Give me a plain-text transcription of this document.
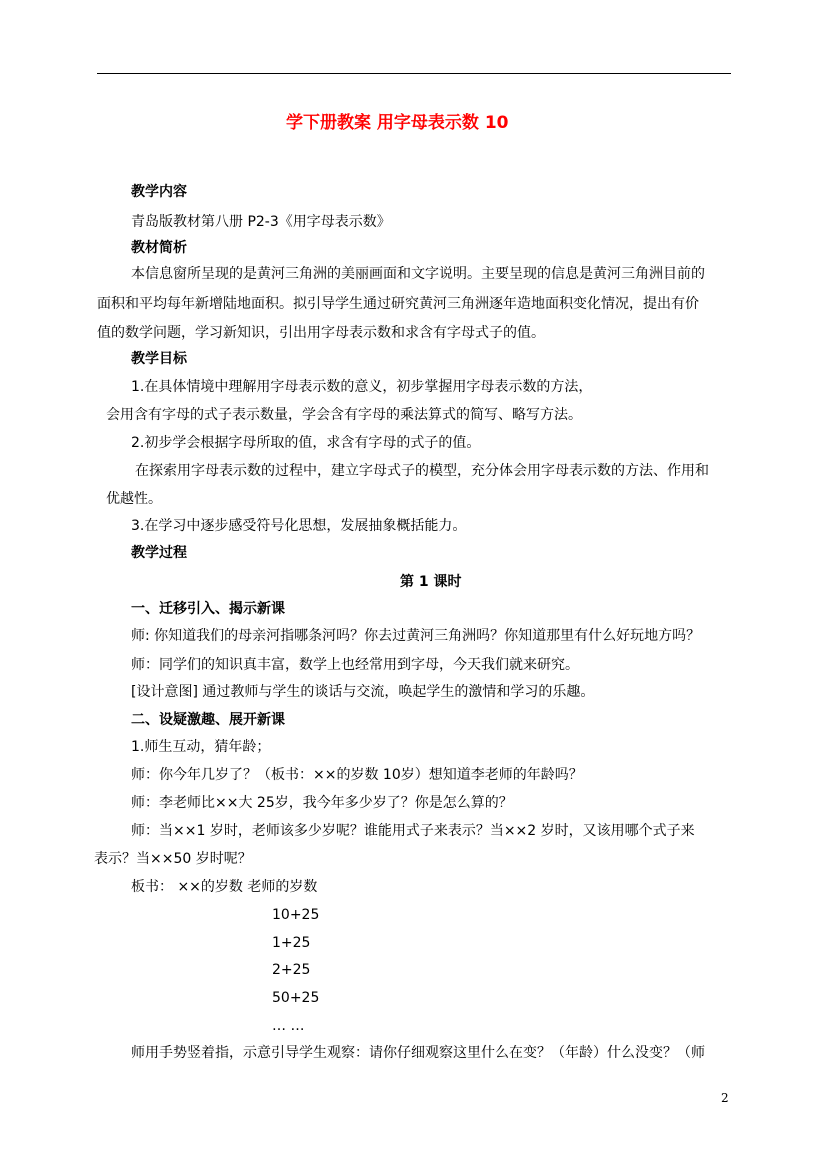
学下册教案 用字母表示数 10
教学内容
青岛版教材第八册 P2-3《用字母表示数》
教材简析
本信息窗所呈现的是黄河三角洲的美丽画面和文字说明。主要呈现的信息是黄河三角洲目前的
面积和平均每年新增陆地面积。拟引导学生通过研究黄河三角洲逐年造地面积变化情况，提出有价
值的数学问题，学习新知识，引出用字母表示数和求含有字母式子的值。
教学目标
1.在具体情境中理解用字母表示数的意义，初步掌握用字母表示数的方法，
会用含有字母的式子表示数量，学会含有字母的乘法算式的简写、略写方法。
2.初步学会根据字母所取的值，求含有字母的式子的值。
在探索用字母表示数的过程中，建立字母式子的模型，充分体会用字母表示数的方法、作用和
优越性。
3.在学习中逐步感受符号化思想，发展抽象概括能力。
教学过程
第 1 课时
一、迁移引入、揭示新课
师: 你知道我们的母亲河指哪条河吗？你去过黄河三角洲吗？你知道那里有什么好玩地方吗？
师：同学们的知识真丰富，数学上也经常用到字母，今天我们就来研究。
[设计意图] 通过教师与学生的谈话与交流，唤起学生的激情和学习的乐趣。
二、设疑激趣、展开新课
1.师生互动，猜年龄；
师：你今年几岁了？（板书：××的岁数 10岁）想知道李老师的年龄吗？
师：李老师比××大 25岁，我今年多少岁了？你是怎么算的？
师：当××1 岁时，老师该多少岁呢？谁能用式子来表示？当××2 岁时，又该用哪个式子来
表示？当××50 岁时呢？
板书： ××的岁数 老师的岁数
10+25
1+25
2+25
50+25
… …
师用手势竖着指，示意引导学生观察：请你仔细观察这里什么在变？（年龄）什么没变？（师
2
